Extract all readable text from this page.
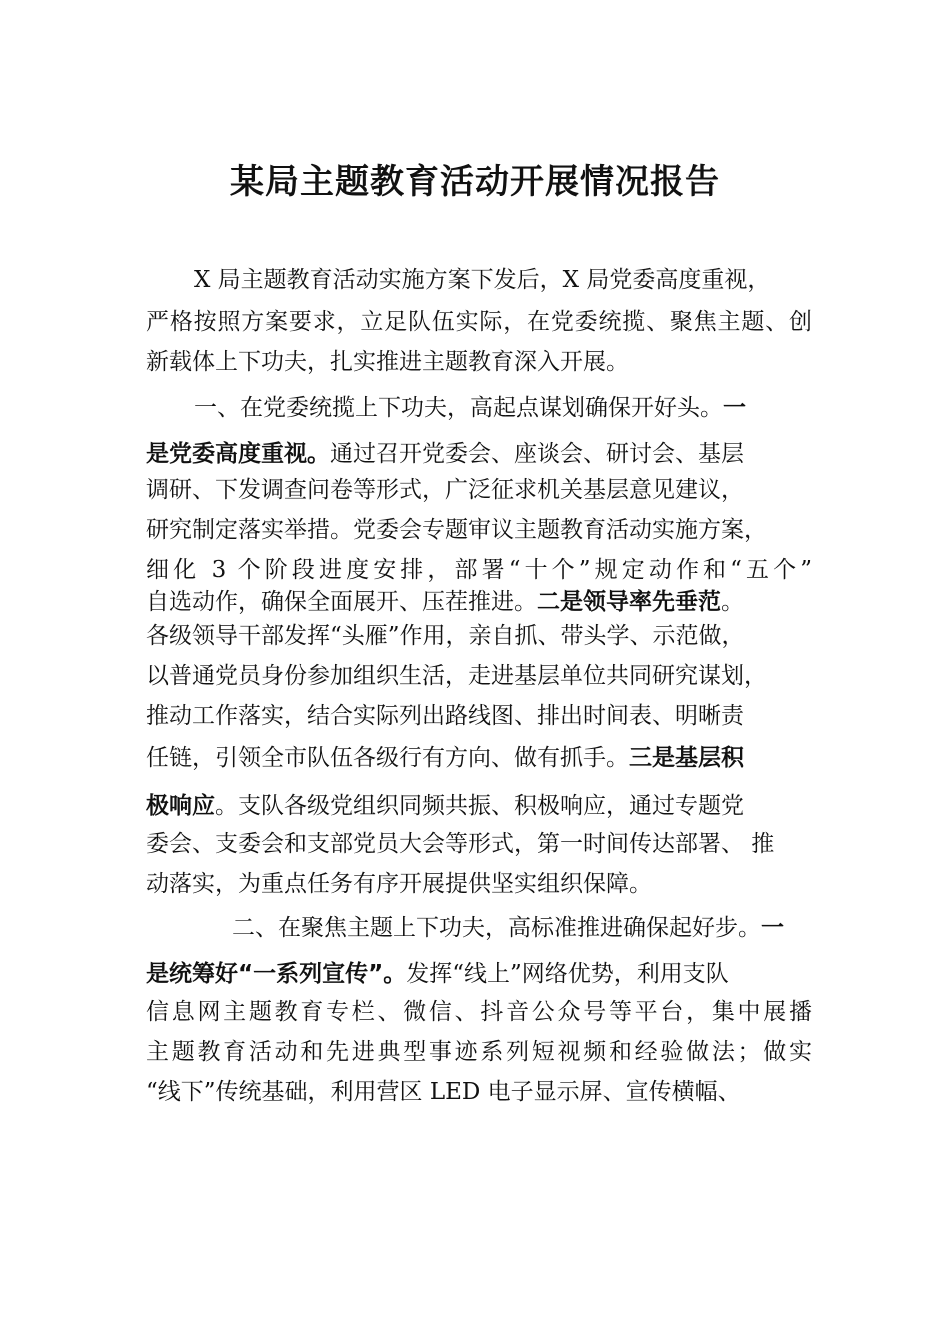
某局主题教育活动开展情况报告
X 局主题教育活动实施方案下发后，X 局党委高度重视，
严格按照方案要求，立足队伍实际，在党委统揽、聚焦主题、创
新载体上下功夫，扎实推进主题教育深入开展。
一、在党委统揽上下功夫，高起点谋划确保开好头。一
是党委高度重视。通过召开党委会、座谈会、研讨会、基层
调研、下发调查问卷等形式，广泛征求机关基层意见建议，
研究制定落实举措。党委会专题审议主题教育活动实施方案，
细化 3 个阶段进度安排，部署“十个”规定动作和“五个”
自选动作，确保全面展开、压茬推进。二是领导率先垂范。
各级领导干部发挥“头雁”作用，亲自抓、带头学、示范做，
以普通党员身份参加组织生活，走进基层单位共同研究谋划，
推动工作落实，结合实际列出路线图、排出时间表、明晰责
任链，引领全市队伍各级行有方向、做有抓手。三是基层积
极响应。支队各级党组织同频共振、积极响应，通过专题党
委会、支委会和支部党员大会等形式，第一时间传达部署、 推
动落实，为重点任务有序开展提供坚实组织保障。
二、在聚焦主题上下功夫，高标准推进确保起好步。一
是统筹好“一系列宣传”。发挥“线上”网络优势，利用支队
信息网主题教育专栏、微信、抖音公众号等平台，集中展播
主题教育活动和先进典型事迹系列短视频和经验做法；做实
“线下”传统基础，利用营区 LED 电子显示屏、宣传横幅、
